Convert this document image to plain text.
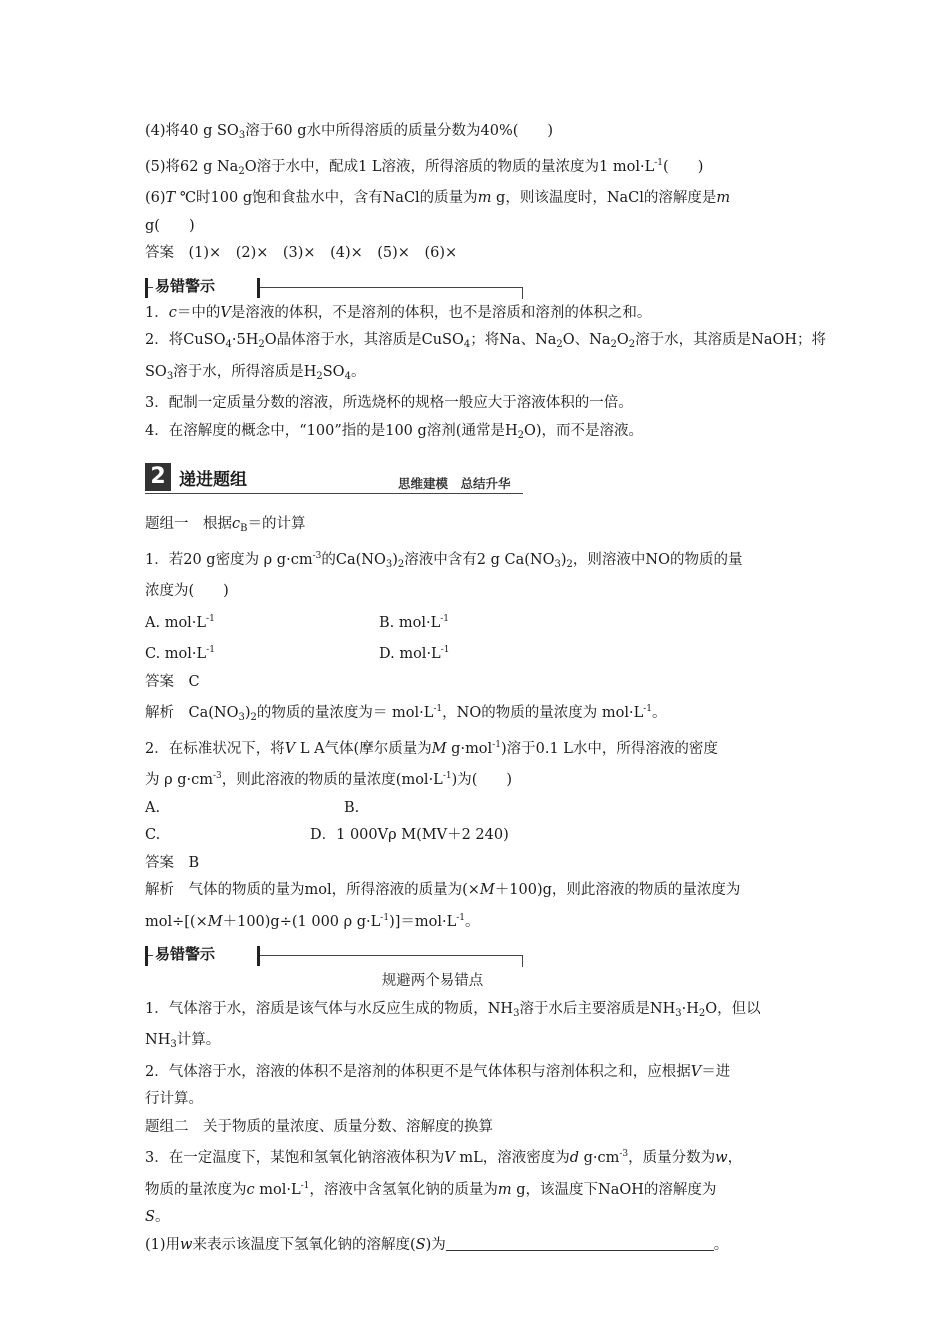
(4)将40 g $SO_3$溶于60 g水中所得溶质的质量分数为40%(　　)
(5)将62 g $Na_2O$溶于水中，配成1 L溶液，所得溶质的物质的量浓度为1 $mol\cdot L^{-1}$(　　)
(6)T ℃时100 g饱和食盐水中，含有NaCl的质量为m g，则该温度时，NaCl的溶解度是m
g(　　)
答案　(1)×　(2)×　(3)×　(4)×　(5)×　(6)×
易错警示
1．c＝中的V是溶液的体积，不是溶剂的体积，也不是溶质和溶剂的体积之和。
2．将$CuSO_4\cdot 5H_2O$晶体溶于水，其溶质是CuSO$_4$；将Na、$Na_2O$、$Na_2O_2$溶于水，其溶质是NaOH；将
$SO_3$溶于水，所得溶质是$H_2SO_4$。
3．配制一定质量分数的溶液，所选烧杯的规格一般应大于溶液体积的一倍。
4．在溶解度的概念中，“100”指的是100 g溶剂(通常是$H_2O$)，而不是溶液。
2 递进题组	思维建模　总结升华
题组一　根据$c_B=$的计算
1．若20 g密度为 ρ $g\cdot cm^{-3}$的$Ca(NO_3)_2$溶液中含有2 g $Ca(NO_3)_2$，则溶液中NO的物质的量
浓度为(　　)
A. $mol\cdot L^{-1}$	B. $mol\cdot L^{-1}$
C. $mol\cdot L^{-1}$	D. $mol\cdot L^{-1}$
答案　C
解析　$Ca(NO_3)_2$的物质的量浓度为＝ $mol\cdot L^{-1}$，NO的物质的量浓度为 $mol\cdot L^{-1}$。
2．在标准状况下，将V L A气体(摩尔质量为M g·mol$^{-1}$)溶于0.1 L水中，所得溶液的密度
为 ρ $g\cdot cm^{-3}$，则此溶液的物质的量浓度$(mol\cdot L^{-1})$为(　　)
A.	B.
C.	D．1 000Vρ M(MV＋2 240)
答案　B
解析　气体的物质的量为mol，所得溶液的质量为(×M＋100)g，则此溶液的物质的量浓度为
mol÷[(×M＋100)g÷(1 000 ρ $g\cdot L^{-1})]=mol\cdot L^{-1}$。
易错警示
规避两个易错点
1．气体溶于水，溶质是该气体与水反应生成的物质，$NH_3$溶于水后主要溶质是$NH_3\cdot H_2O$，但以
$NH_3$计算。
2．气体溶于水，溶液的体积不是溶剂的体积更不是气体体积与溶剂体积之和，应根据V＝进
行计算。
题组二　关于物质的量浓度、质量分数、溶解度的换算
3．在一定温度下，某饱和氢氧化钠溶液体积为V mL，溶液密度为d $g\cdot cm^{-3}$，质量分数为w，
物质的量浓度为c $mol\cdot L^{-1}$，溶液中含氢氧化钠的质量为m g，该温度下NaOH的溶解度为
S。
(1)用w来表示该温度下氢氧化钠的溶解度(S)为	。
